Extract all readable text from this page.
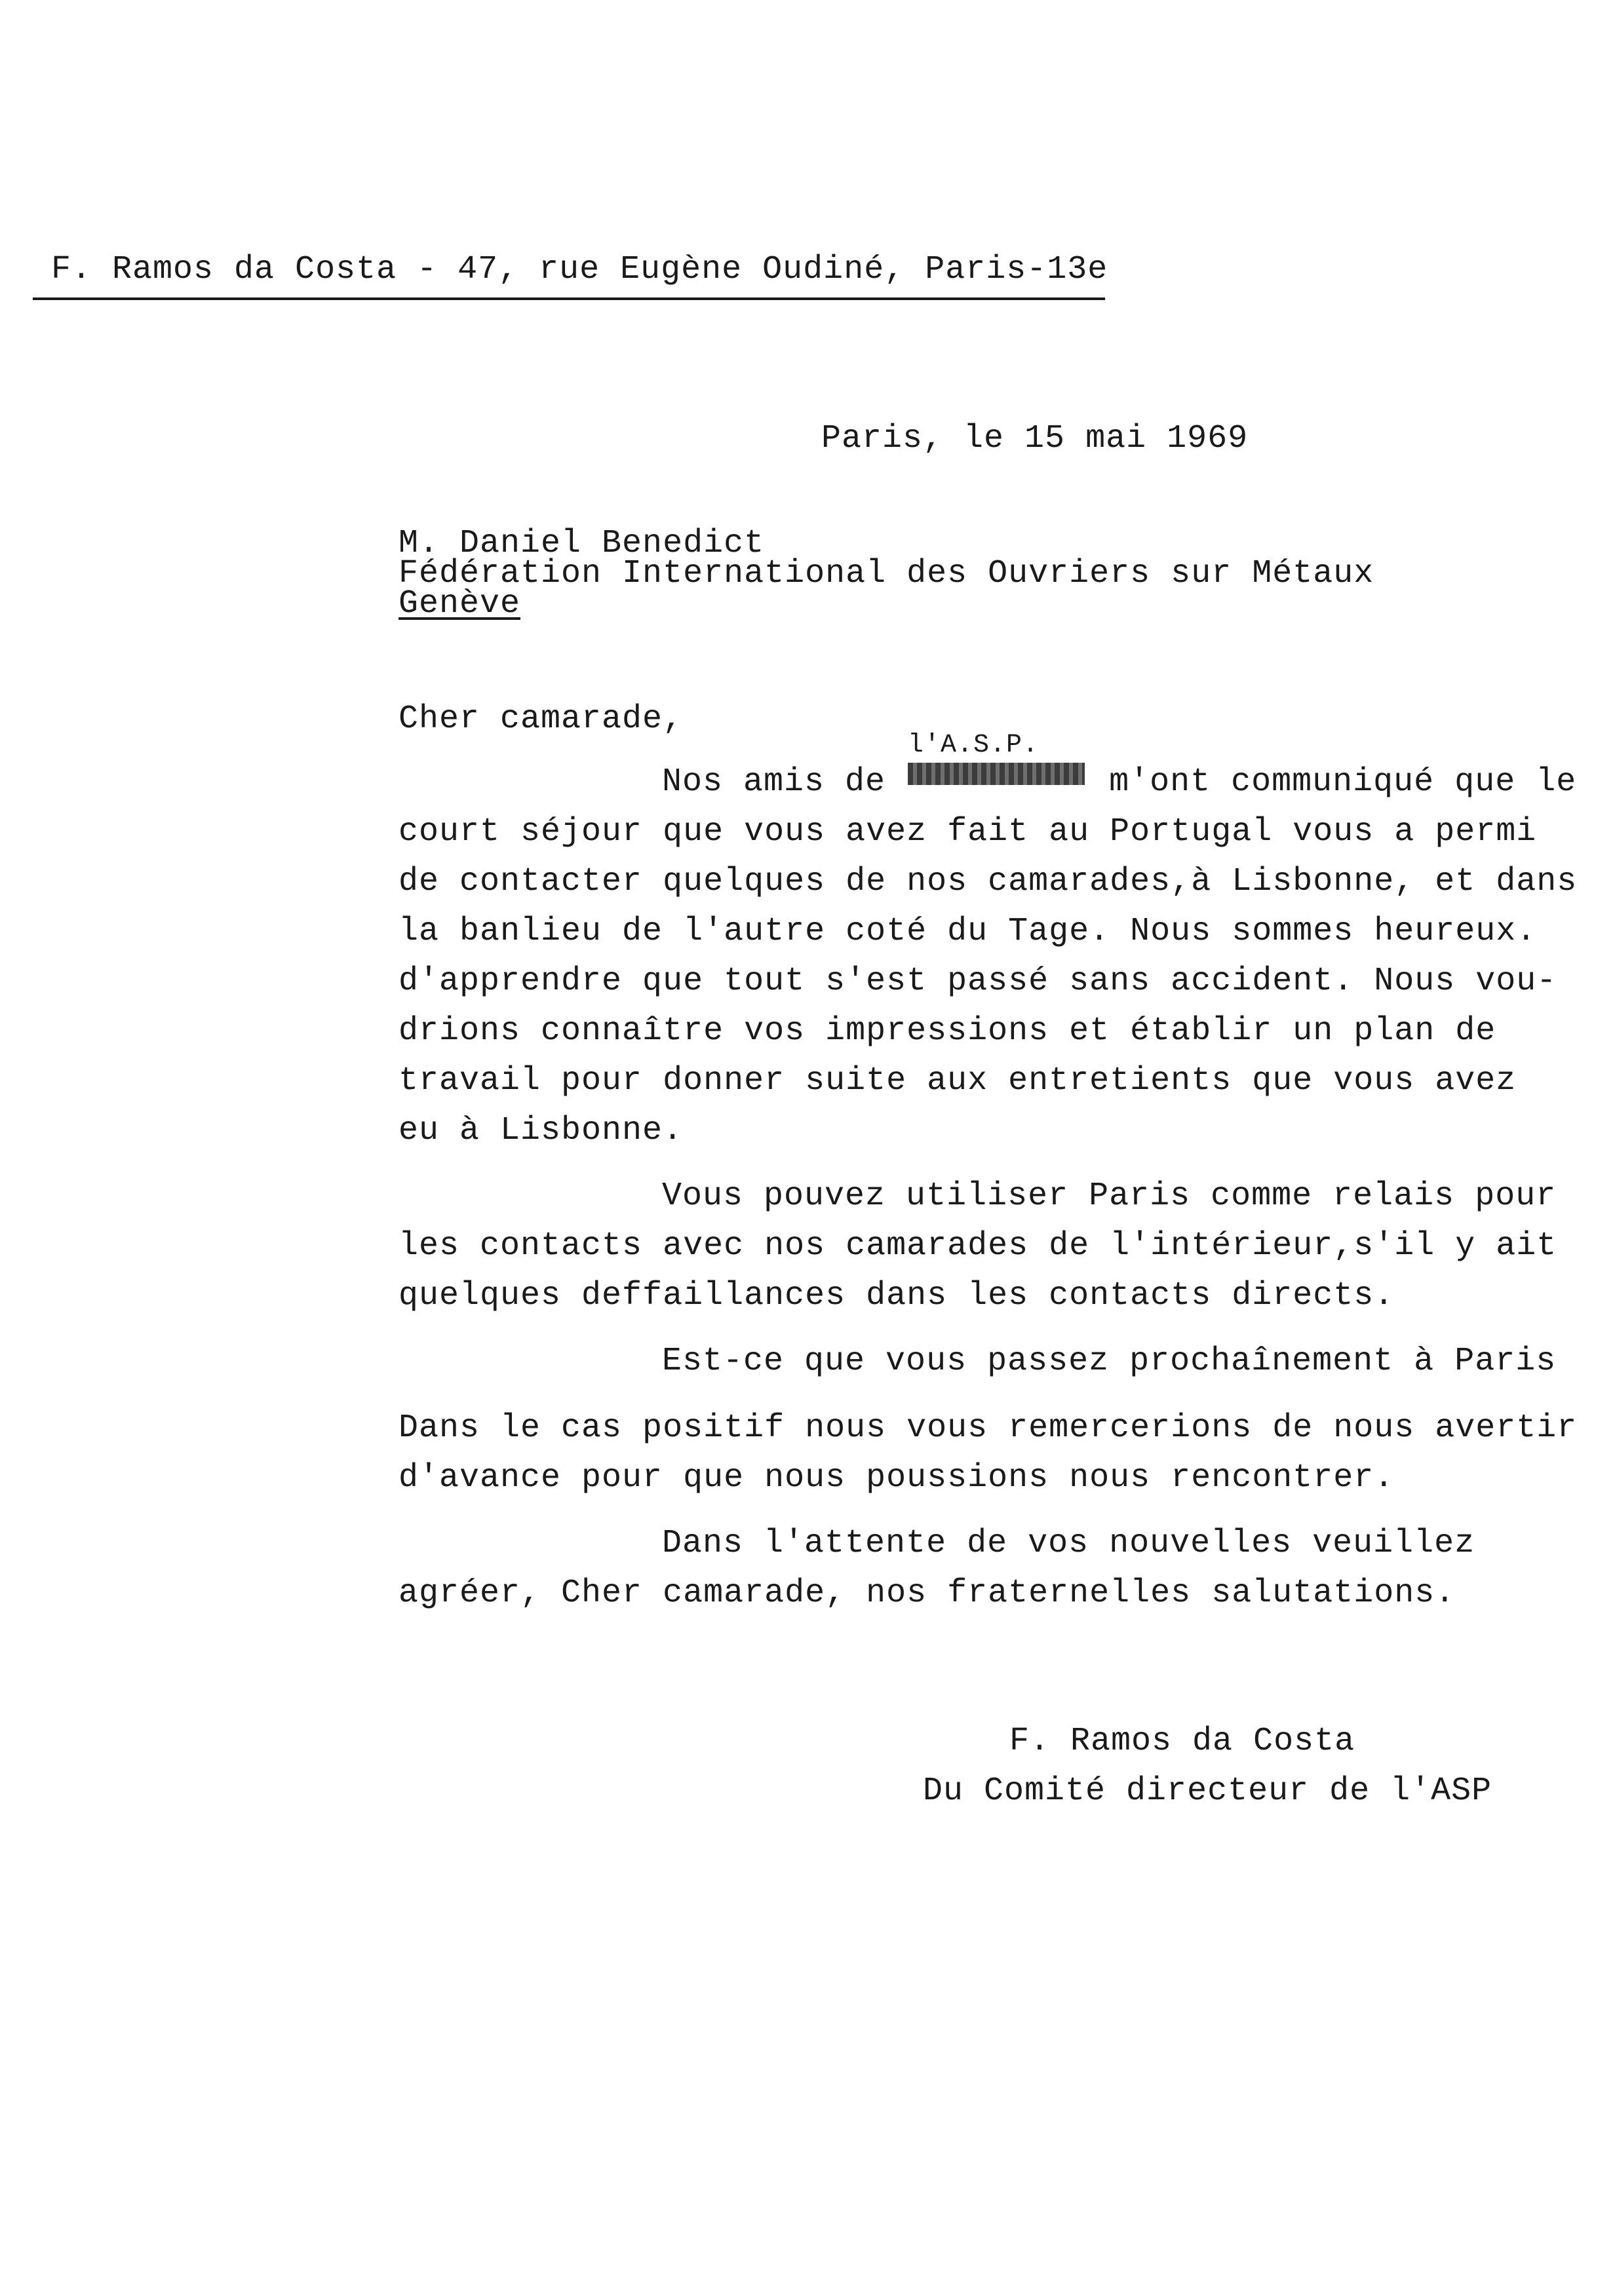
F. Ramos da Costa - 47, rue Eugène Oudiné, Paris-13e
Paris, le 15 mai 1969
M. Daniel Benedict
Fédération International des Ouvriers sur Métaux
Genève
Cher camarade,
l'A.S.P.
Nos amis de           m'ont communiqué que le
court séjour que vous avez fait au Portugal vous a permi
de contacter quelques de nos camarades,à Lisbonne, et dans
la banlieu de l'autre coté du Tage. Nous sommes heureux.
d'apprendre que tout s'est passé sans accident. Nous vou-
drions connaître vos impressions et établir un plan de
travail pour donner suite aux entretients que vous avez
eu à Lisbonne.
Vous pouvez utiliser Paris comme relais pour
les contacts avec nos camarades de l'intérieur,s'il y ait
quelques deffaillances dans les contacts directs.
Est-ce que vous passez prochaînement à Paris
Dans le cas positif nous vous remercerions de nous avertir
d'avance pour que nous poussions nous rencontrer.
Dans l'attente de vos nouvelles veuillez
agréer, Cher camarade, nos fraternelles salutations.
F. Ramos da Costa
Du Comité directeur de l'ASP
